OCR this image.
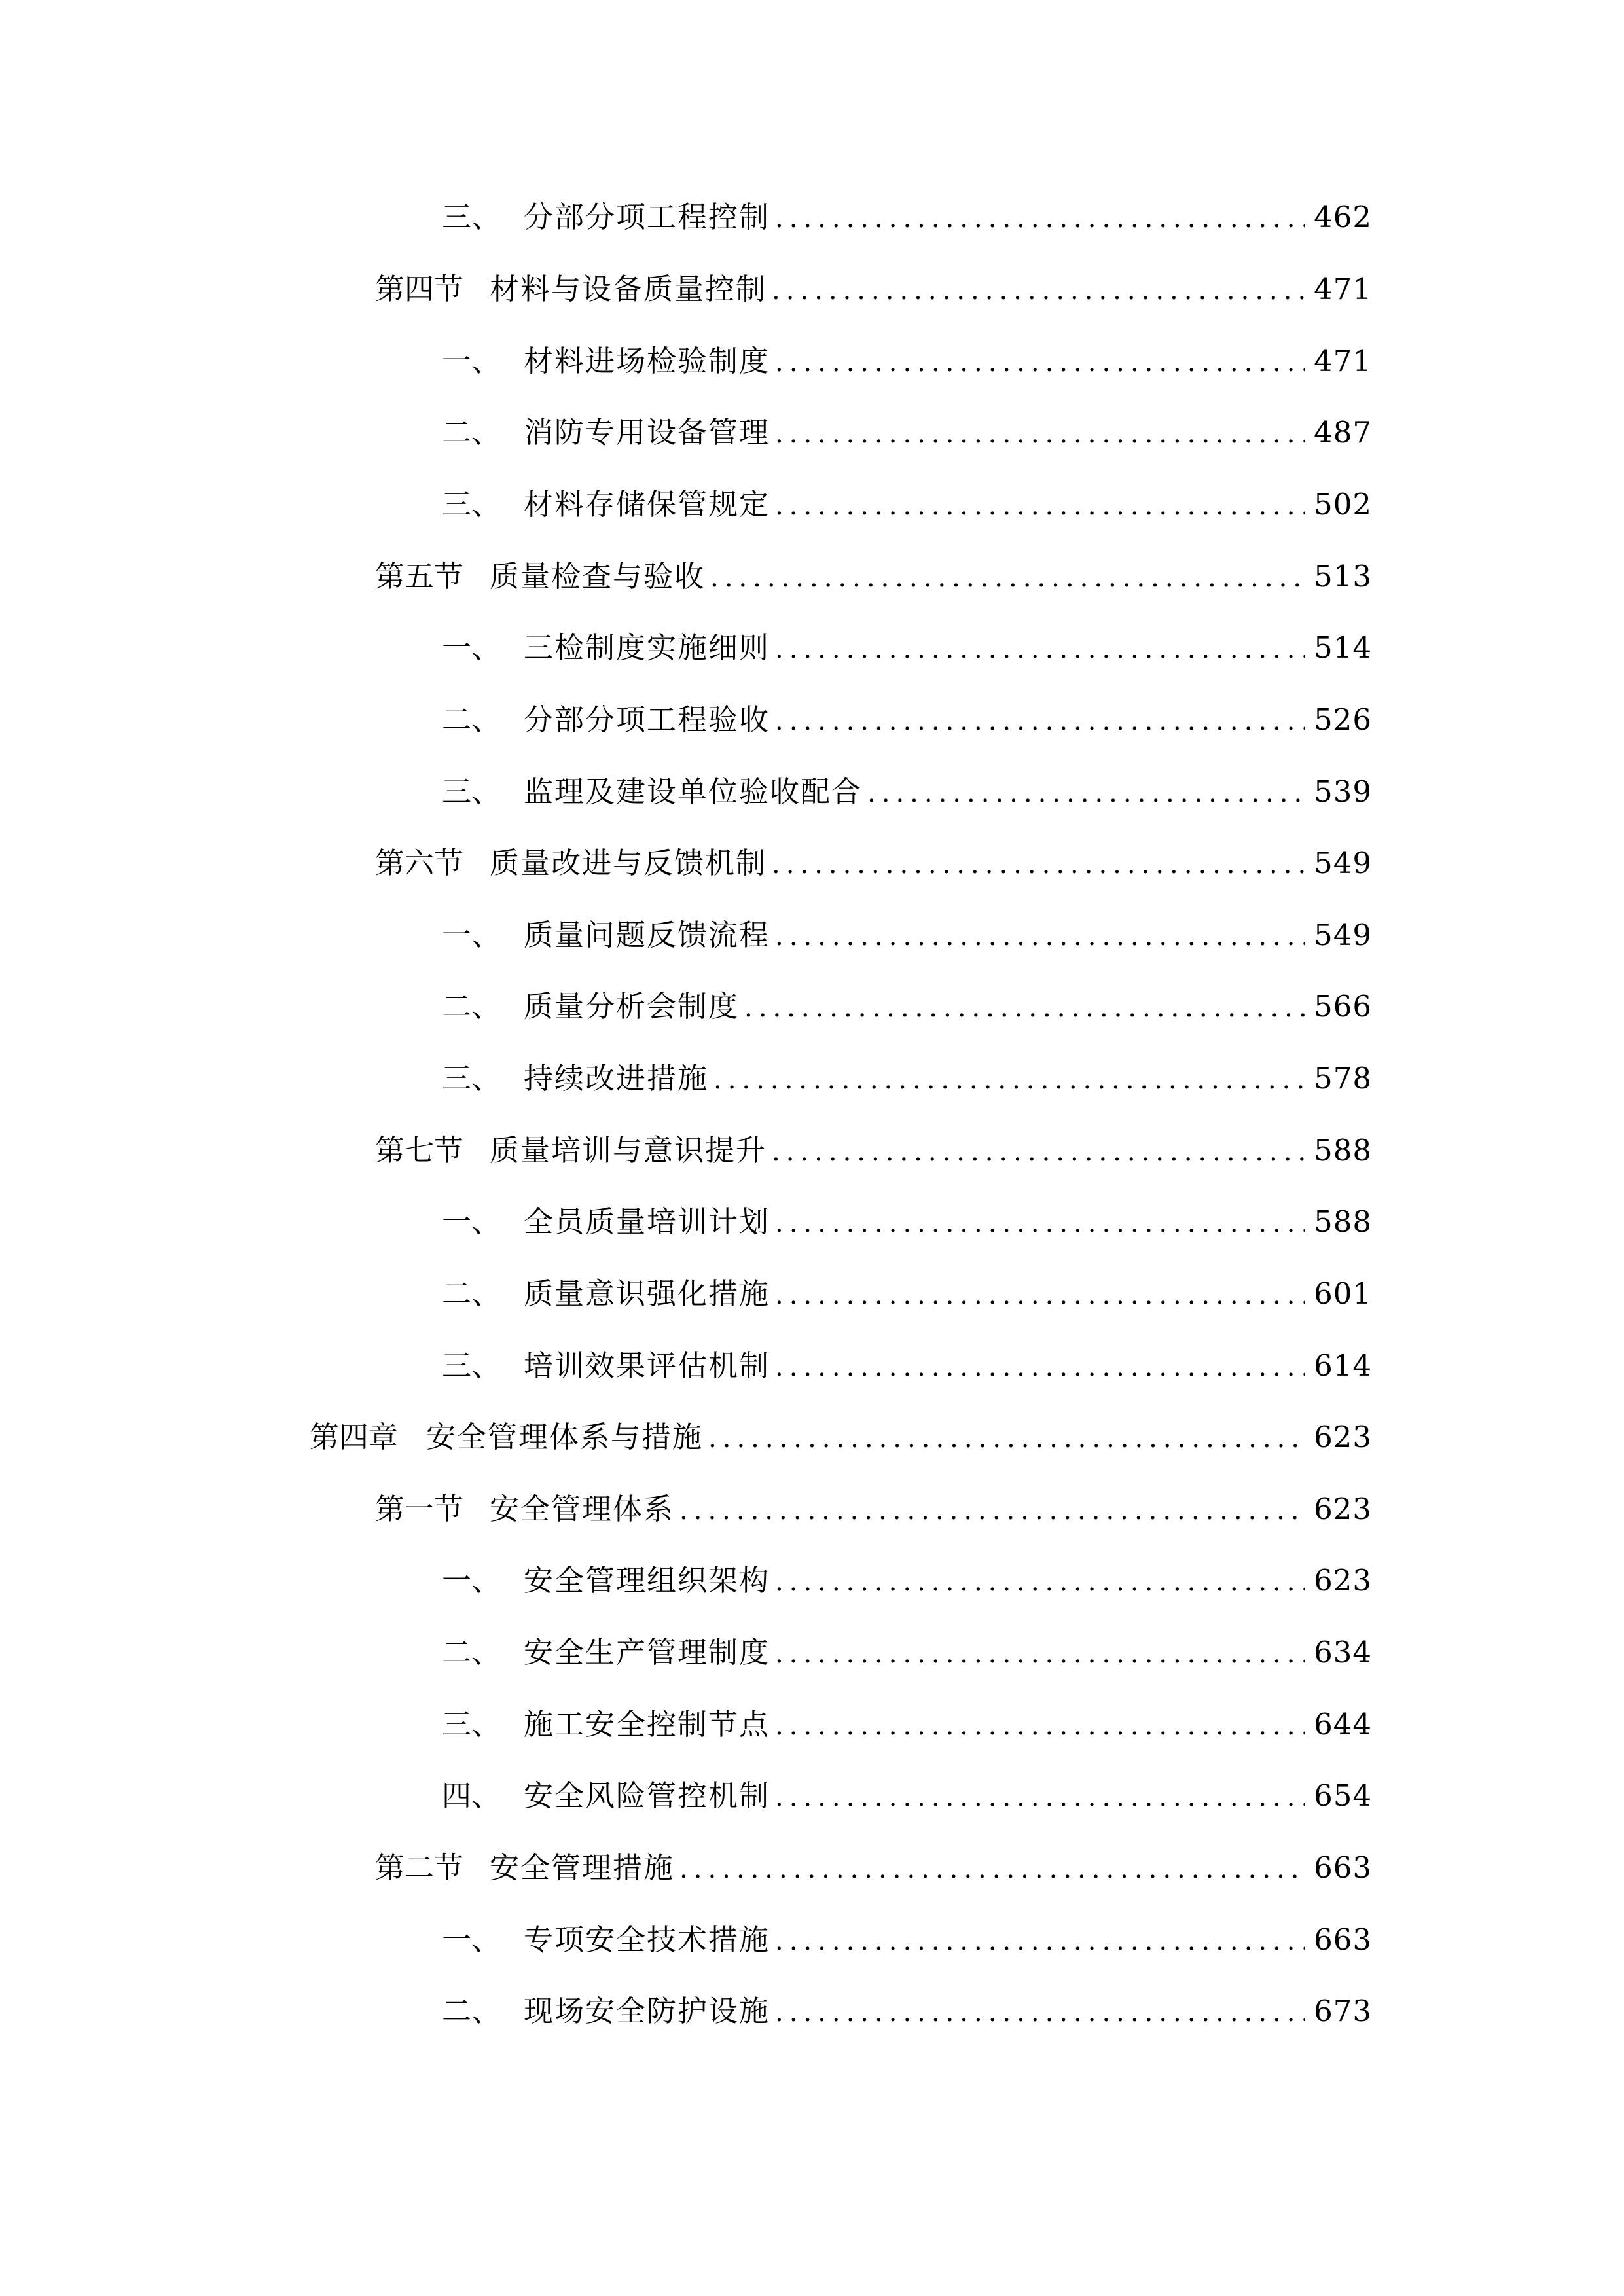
三、 分部分项工程控制 .....	462
第四节 材料与设备质量控制 .....	471
一、 材料进场检验制度 .....	471
二、 消防专用设备管理 .....	487
三、 材料存储保管规定 .....	502
第五节 质量检查与验收 .....	513
一、 三检制度实施细则 .....	514
二、 分部分项工程验收 .....	526
三、 监理及建设单位验收配合 .....	539
第六节 质量改进与反馈机制 .....	549
一、 质量问题反馈流程 .....	549
二、 质量分析会制度 .....	566
三、 持续改进措施 .....	578
第七节 质量培训与意识提升 .....	588
一、 全员质量培训计划 .....	588
二、 质量意识强化措施 .....	601
三、 培训效果评估机制 .....	614
第四章 安全管理体系与措施 .....	623
第一节 安全管理体系 .....	623
一、 安全管理组织架构 .....	623
二、 安全生产管理制度 .....	634
三、 施工安全控制节点 .....	644
四、 安全风险管控机制 .....	654
第二节 安全管理措施 .....	663
一、 专项安全技术措施 .....	663
二、 现场安全防护设施 .....	673
